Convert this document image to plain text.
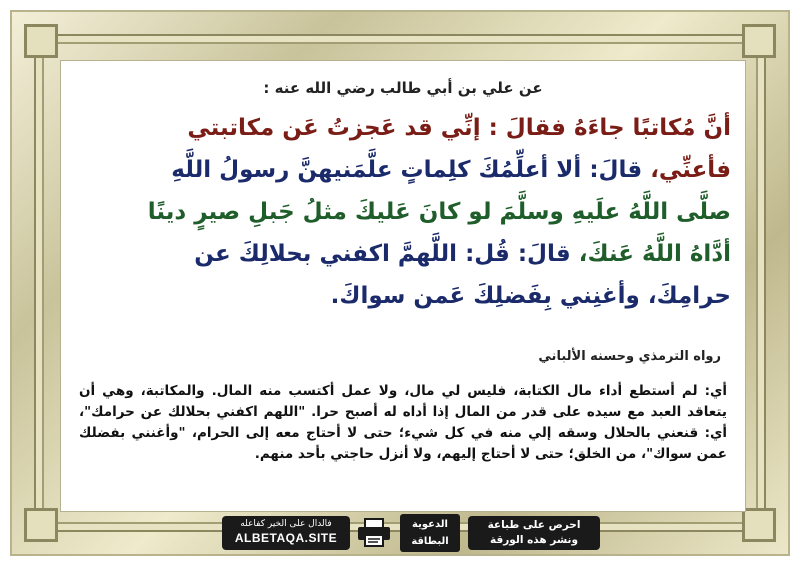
عن علي بن أبي طالب رضي الله عنه :
أنَّ مُكاتبًا جاءَهُ فقالَ : إنِّي قد عَجزتُ عَن مكاتبتي
فأعنِّي، قالَ: ألا أعلِّمُكَ كلِماتٍ علَّمَنيهنَّ رسولُ اللَّهِ
صلَّى اللَّهُ علَيهِ وسلَّمَ لو كانَ عَليكَ مثلُ جَبلِ صيرٍ دينًا
أدَّاهُ اللَّهُ عَنكَ، قالَ: قُل: اللَّهمَّ اكفني بحلالِكَ عن
حرامِكَ، وأغنِني بِفَضلِكَ عَمن سواكَ.
رواه الترمذي وحسنه الألباني
أي: لم أستطع أداء مال الكتابة، فليس لي مال، ولا عمل أكتسب منه المال. والمكاتبة، وهي أن يتعاقد العبد مع سيده على قدر من المال إذا أداه له أصبح حرا. "اللهم اكفني بحلالك عن حرامك"، أي: قنعني بالحلال وسقه إلي منه في كل شيء؛ حتى لا أحتاج معه إلى الحرام، "وأغنني بفضلك عمن سواك"، من الخلق؛ حتى لا أحتاج إليهم، ولا أنزل حاجتي بأحد منهم.
فالدال على الخير كفاعله
ALBETAQA.SITE
الدعوية
البطاقة
احرص على طباعة
ونشر هذه الورقة
